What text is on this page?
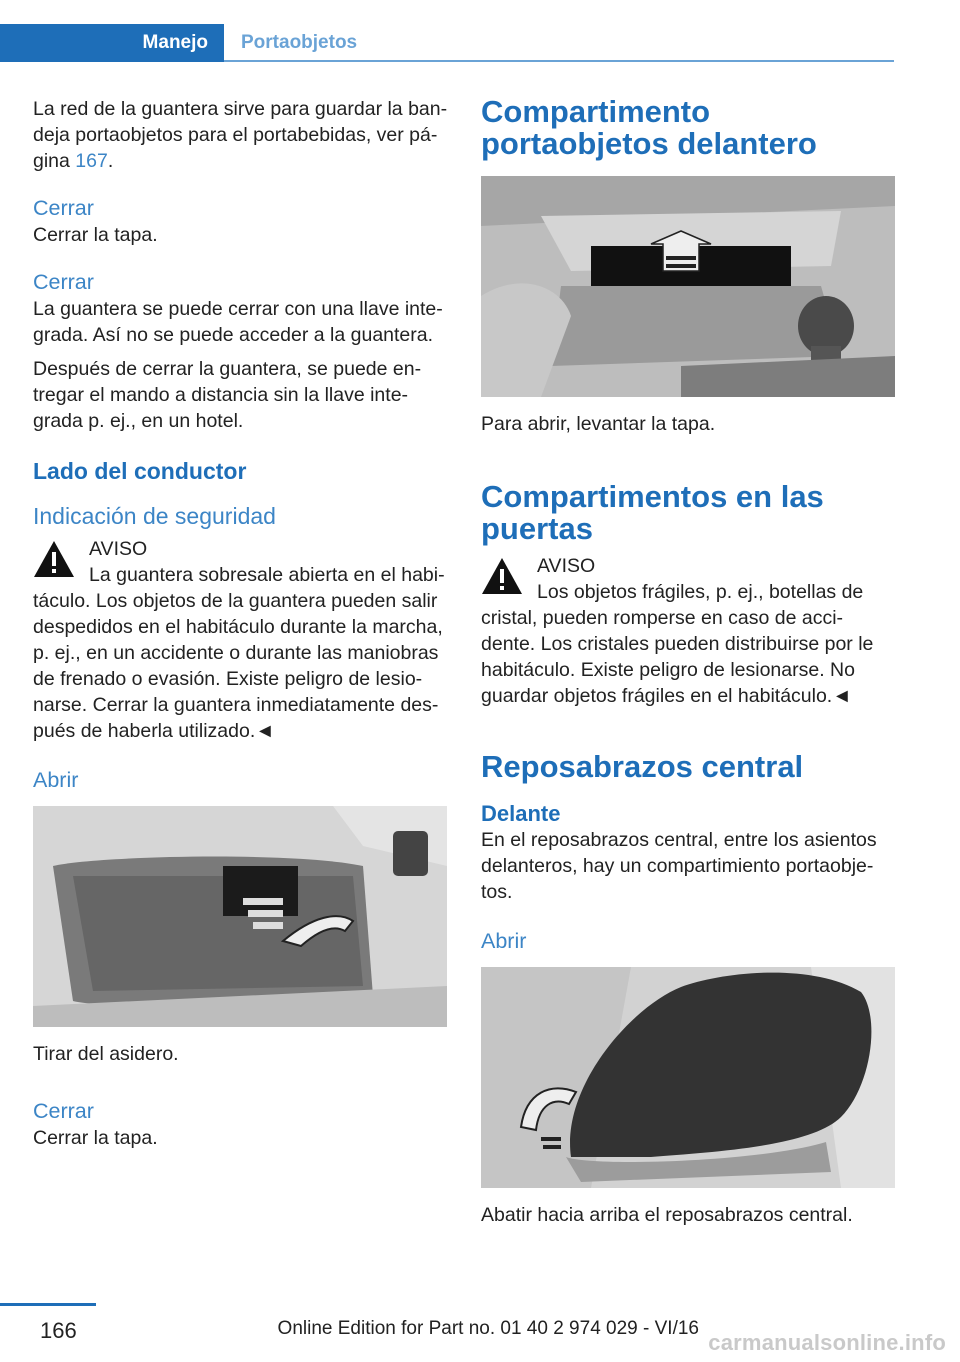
Manejo	Portaobjetos

La red de la guantera sirve para guardar la ban-deja portaobjetos para el portabebidas, ver pá-gina 167.

Cerrar

Cerrar la tapa.

Cerrar

La guantera se puede cerrar con una llave inte-grada. Así no se puede acceder a la guantera.

Después de cerrar la guantera, se puede en-tregar el mando a distancia sin la llave inte-grada p. ej., en un hotel.

Lado del conductor
Indicación de seguridad
AVISO

La guantera sobresale abierta en el habi-

táculo. Los objetos de la guantera pueden salir despedidos en el habitáculo durante la marcha, p. ej., en un accidente o durante las maniobras de frenado o evasión. Existe peligro de lesio-narse. Cerrar la guantera inmediatamente des-pués de haberla utilizado.◄

Abrir

Tirar del asidero.

Cerrar

Cerrar la tapa.

Compartimento portaobjetos delantero

Para abrir, levantar la tapa.

Compartimentos en las puertas
AVISO

Los objetos frágiles, p. ej., botellas de

cristal, pueden romperse en caso de acci-dente. Los cristales pueden distribuirse por le habitáculo. Existe peligro de lesionarse. No guardar objetos frágiles en el habitáculo.◄

Reposabrazos central
Delante

En el reposabrazos central, entre los asientos delanteros, hay un compartimiento portaobje-tos.

Abrir

Abatir hacia arriba el reposabrazos central.

166	Online Edition for Part no. 01 40 2 974 029 - VI/16
carmanualsonline.info
